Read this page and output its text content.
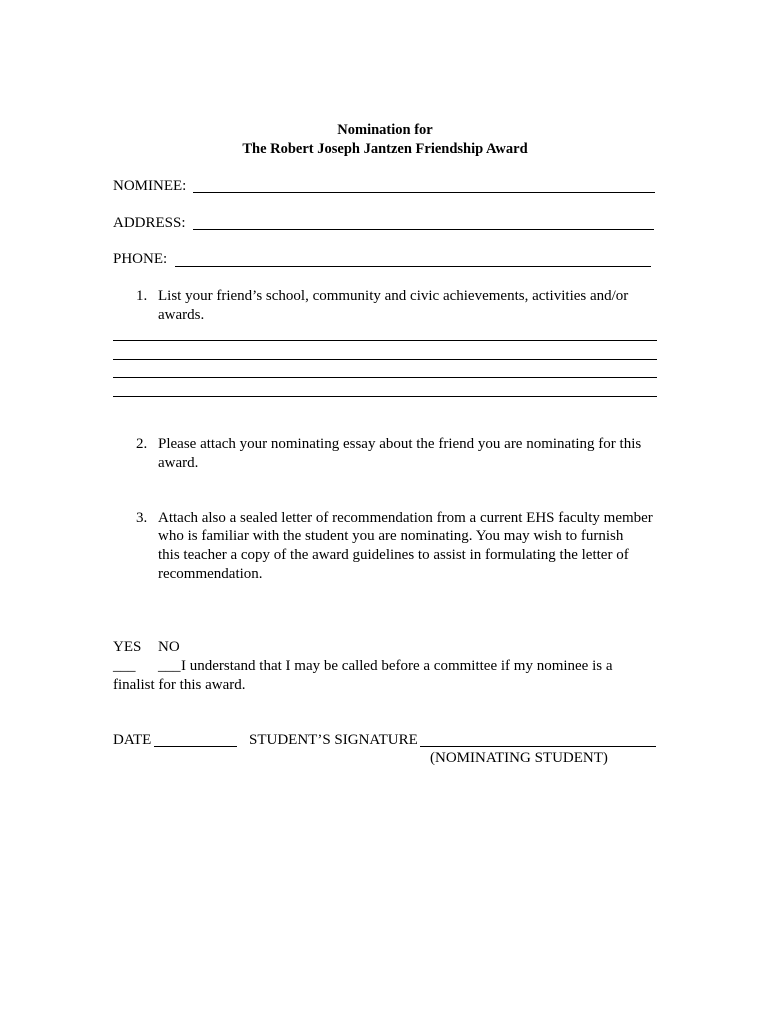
Nomination for
The Robert Joseph Jantzen Friendship Award
NOMINEE:
ADDRESS:
PHONE:
1. List your friend’s school, community and civic achievements, activities and/or
awards.
2. Please attach your nominating essay about the friend you are nominating for this
award.
3. Attach also a sealed letter of recommendation from a current EHS faculty member
who is familiar with the student you are nominating. You may wish to furnish
this teacher a copy of the award guidelines to assist in formulating the letter of
recommendation.
YES NO
___ ___ I understand that I may be called before a committee if my nominee is a
finalist for this award.
DATE	STUDENT’S SIGNATURE
(NOMINATING STUDENT)
